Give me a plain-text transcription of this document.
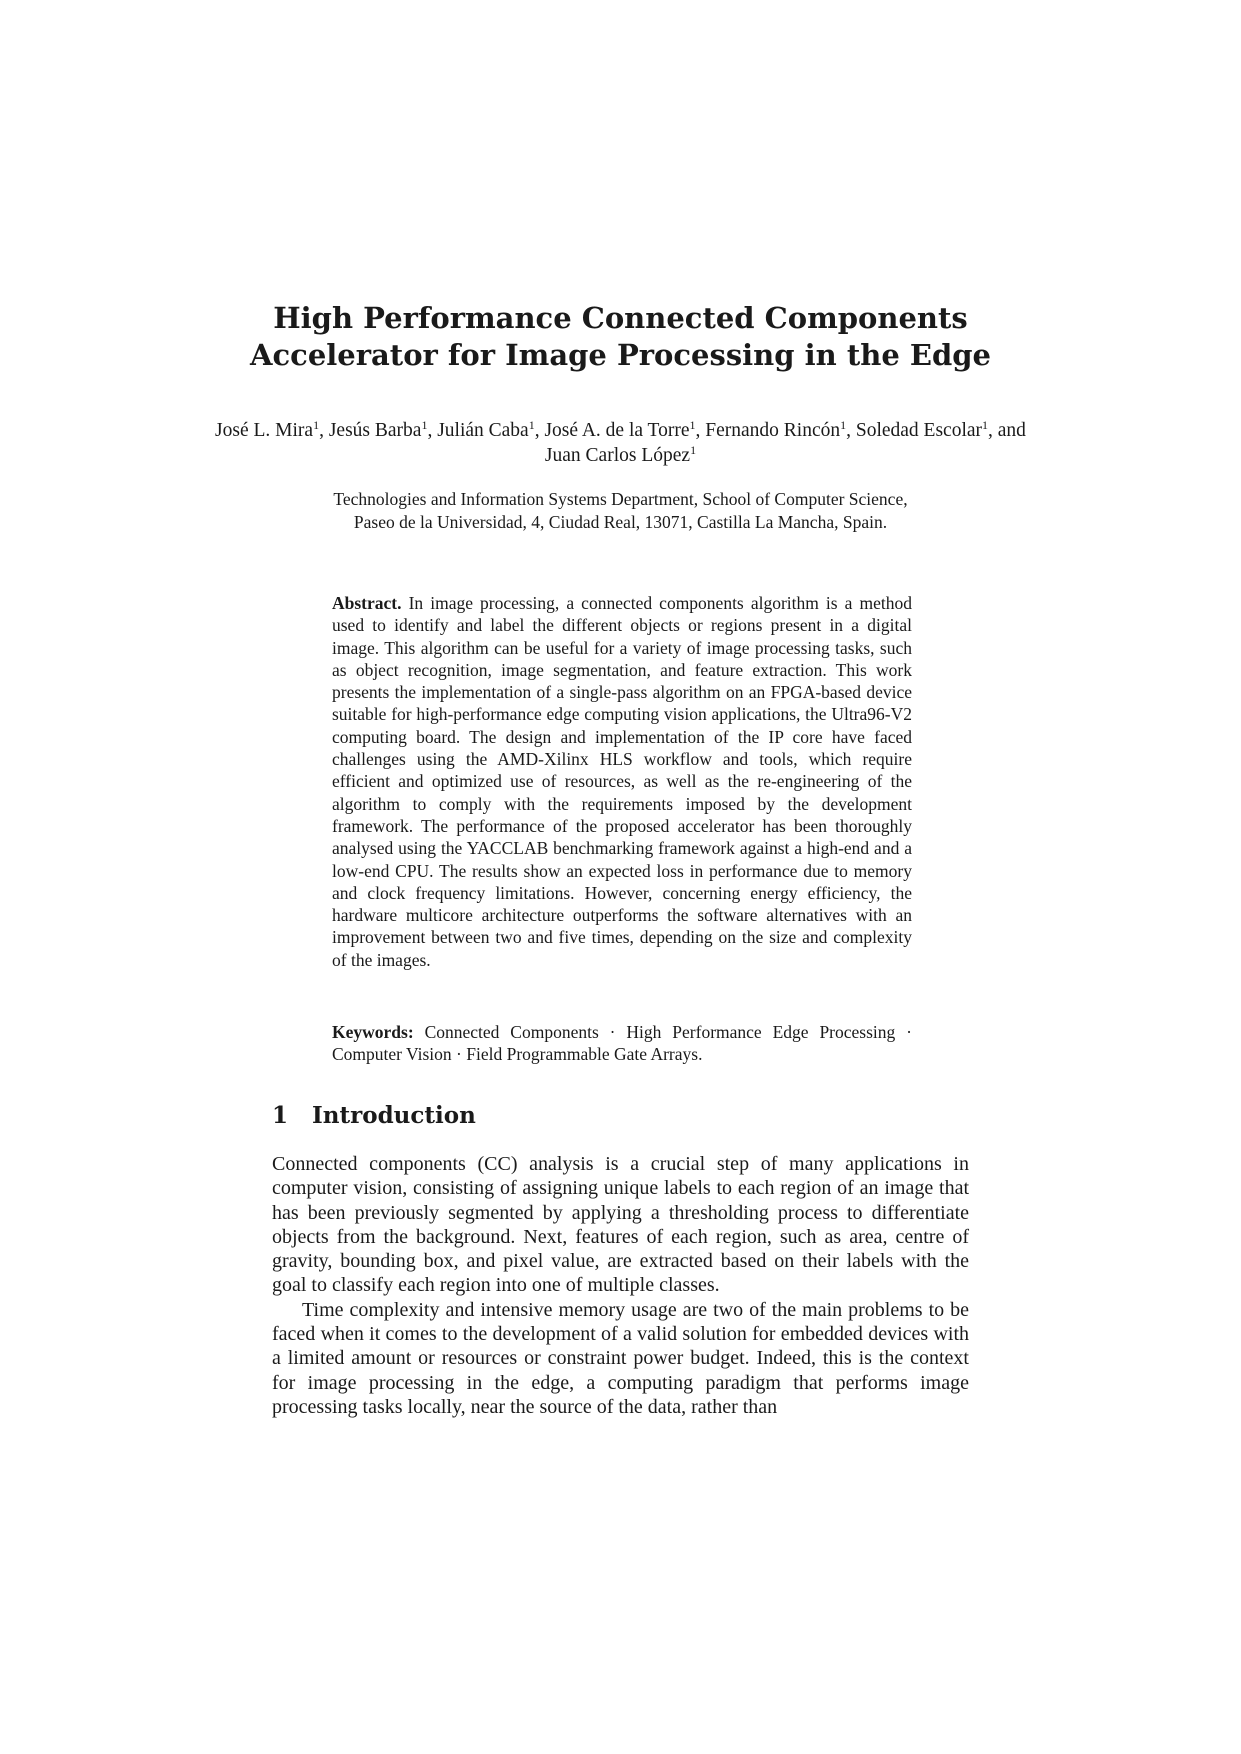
High Performance Connected Components
Accelerator for Image Processing in the Edge
José L. Mira$^1$, Jesús Barba$^1$, Julián Caba$^1$, José A. de la Torre$^1$, Fernando Rincón$^1$, Soledad Escolar$^1$, and Juan Carlos López$^1$
Technologies and Information Systems Department, School of Computer Science,
Paseo de la Universidad, 4, Ciudad Real, 13071, Castilla La Mancha, Spain.
Abstract. In image processing, a connected components algorithm is a method used to identify and label the different objects or regions present in a digital image. This algorithm can be useful for a variety of image processing tasks, such as object recognition, image segmentation, and feature extraction. This work presents the implementation of a single-pass algorithm on an FPGA-based device suitable for high-performance edge computing vision applications, the Ultra96-V2 computing board. The design and implementation of the IP core have faced challenges using the AMD-Xilinx HLS workflow and tools, which require efficient and optimized use of resources, as well as the re-engineering of the algorithm to comply with the requirements imposed by the development framework. The performance of the proposed accelerator has been thoroughly analysed using the YACCLAB benchmarking framework against a high-end and a low-end CPU. The results show an expected loss in performance due to memory and clock frequency limitations. However, concerning energy efficiency, the hardware multicore architecture outperforms the software alternatives with an improvement between two and five times, depending on the size and complexity of the images.
Keywords: Connected Components · High Performance Edge Processing · Computer Vision · Field Programmable Gate Arrays.
1 Introduction

Connected components (CC) analysis is a crucial step of many applications in computer vision, consisting of assigning unique labels to each region of an image that has been previously segmented by applying a thresholding process to differentiate objects from the background. Next, features of each region, such as area, centre of gravity, bounding box, and pixel value, are extracted based on their labels with the goal to classify each region into one of multiple classes.

Time complexity and intensive memory usage are two of the main problems to be faced when it comes to the development of a valid solution for embedded devices with a limited amount or resources or constraint power budget. Indeed, this is the context for image processing in the edge, a computing paradigm that performs image processing tasks locally, near the source of the data, rather than
